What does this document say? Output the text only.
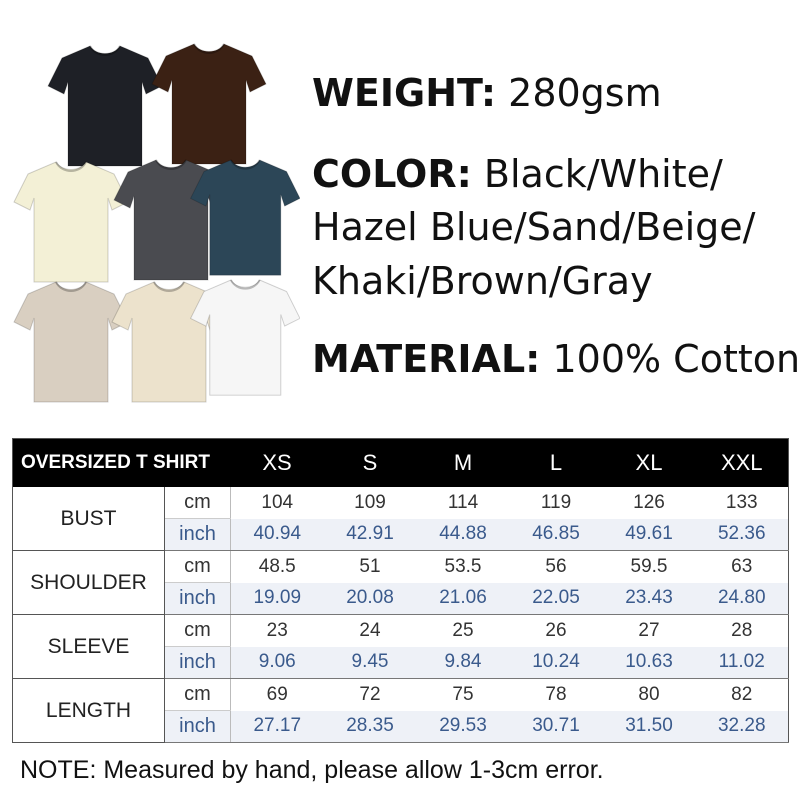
WEIGHT: 280gsm
COLOR: Black/White/
Hazel Blue/Sand/Beige/
Khaki/Brown/Gray
MATERIAL: 100% Cotton
OVERSIZED T SHIRT		XS	S	M	L	XL	XXL
BUST	cm	104	109	114	119	126	133
	inch	40.94	42.91	44.88	46.85	49.61	52.36
SHOULDER	cm	48.5	51	53.5	56	59.5	63
	inch	19.09	20.08	21.06	22.05	23.43	24.80
SLEEVE	cm	23	24	25	26	27	28
	inch	9.06	9.45	9.84	10.24	10.63	11.02
LENGTH	cm	69	72	75	78	80	82
	inch	27.17	28.35	29.53	30.71	31.50	32.28
NOTE: Measured by hand, please allow 1-3cm error.
